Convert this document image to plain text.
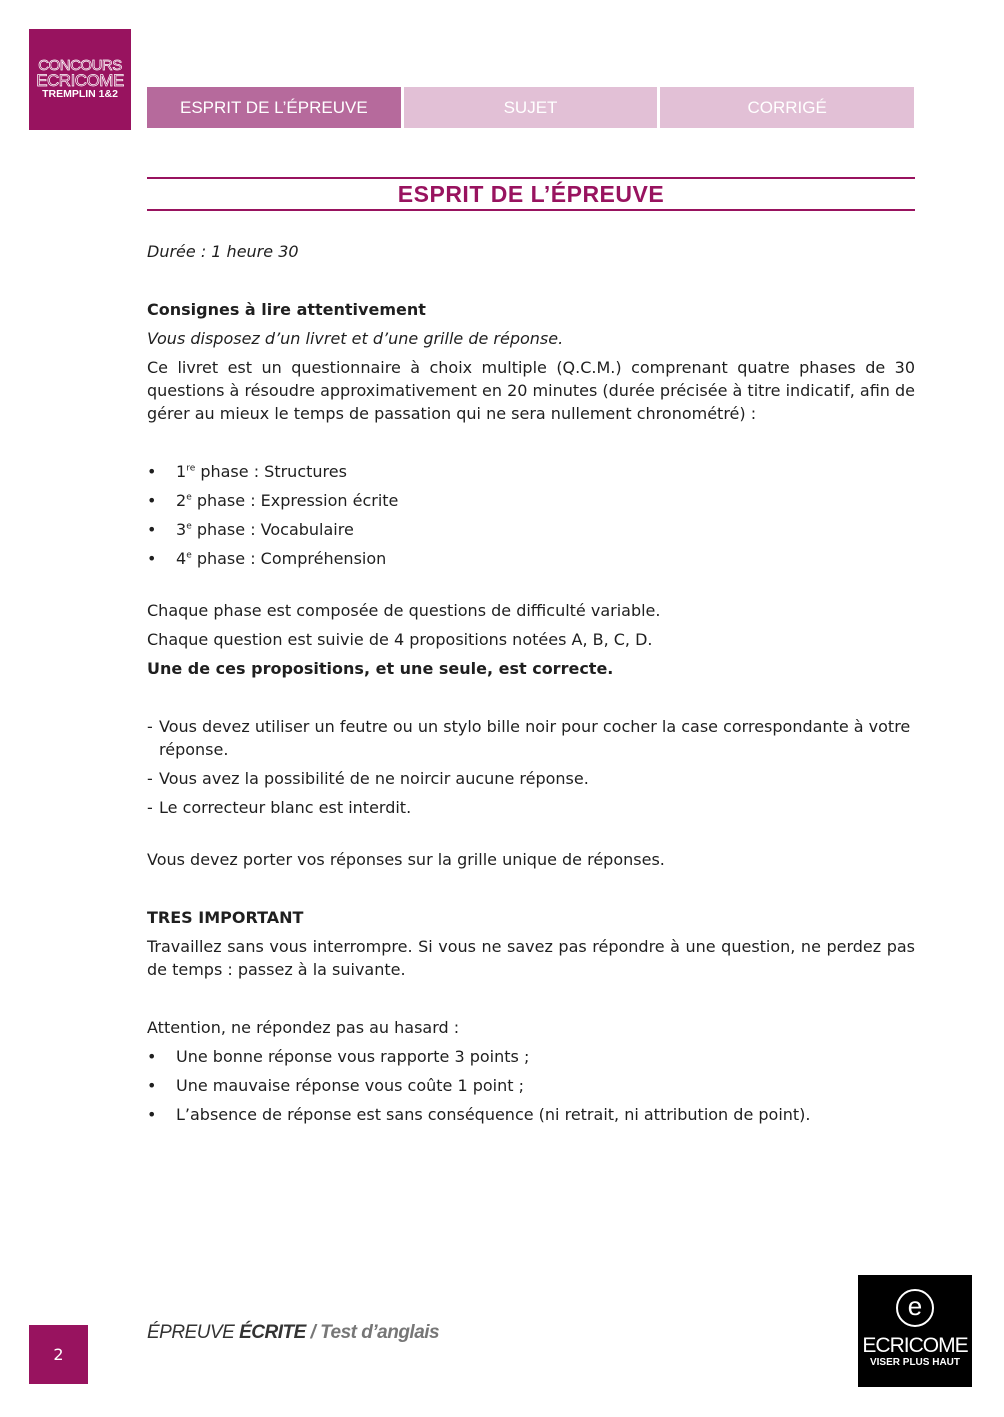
CONCOURS
ECRICOME
TREMPLIN 1&2
ESPRIT DE L’ÉPREUVE	SUJET	CORRIGÉ
ESPRIT DE L’ÉPREUVE

Durée : 1 heure 30

Consignes à lire attentivement

Vous disposez d’un livret et d’une grille de réponse.

Ce livret est un questionnaire à choix multiple (Q.C.M.) comprenant quatre phases de 30 questions à résoudre approximativement en 20 minutes (durée précisée à titre indicatif, afin de gérer au mieux le temps de passation qui ne sera nullement chronométré) :

• 1re phase : Structures
• 2e phase : Expression écrite
• 3e phase : Vocabulaire
• 4e phase : Compréhension

Chaque phase est composée de questions de difficulté variable.

Chaque question est suivie de 4 propositions notées A, B, C, D.

Une de ces propositions, et une seule, est correcte.

- Vous devez utiliser un feutre ou un stylo bille noir pour cocher la case correspondante à votre réponse.
- Vous avez la possibilité de ne noircir aucune réponse.
- Le correcteur blanc est interdit.

Vous devez porter vos réponses sur la grille unique de réponses.

TRES IMPORTANT

Travaillez sans vous interrompre. Si vous ne savez pas répondre à une question, ne perdez pas de temps : passez à la suivante.

Attention, ne répondez pas au hasard :

• Une bonne réponse vous rapporte 3 points ;
• Une mauvaise réponse vous coûte 1 point ;
• L’absence de réponse est sans conséquence (ni retrait, ni attribution de point).
2
ÉPREUVE ÉCRITE / Test d’anglais
e
ECRICOME
VISER PLUS HAUT
